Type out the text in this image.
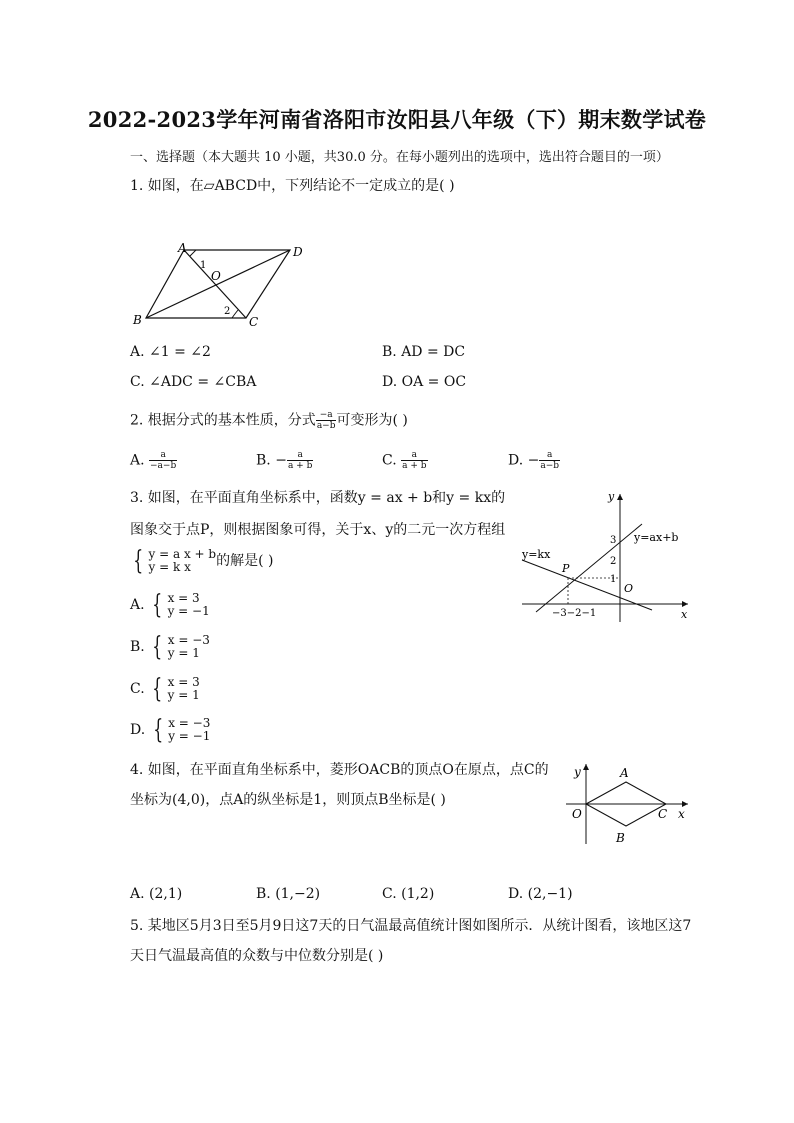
2022-2023学年河南省洛阳市汝阳县八年级（下）期末数学试卷
一、选择题（本大题共 10 小题，共30.0 分。在每小题列出的选项中，选出符合题目的一项）
1. 如图，在▱ABCD中，下列结论不一定成立的是( )
A	D
B	C
O
1
2
A. ∠1 = ∠2	B. AD = DC
C. ∠ADC = ∠CBA	D. OA = OC
2. 根据分式的基本性质，分式 $\frac{-a}{a-b}$ 可变形为( )
A. $\frac{a}{-a-b}$	B. − $\frac{a}{a + b}$	C. $\frac{a}{a + b}$	D. − $\frac{a}{a-b}$
3. 如图，在平面直角坐标系中，函数y = ax + b和y = kx的
图象交于点P，则根据图象可得，关于x、y的二元一次方程组
{ y = a x + b
y = k x	的解是( )
A. { x = 3
y = −1
B. { x = −3
y = 1
C. { x = 3
y = 1
D. { x = −3
y = −1
y
x
y=ax+b
y=kx
P
O
3
2
1
−3−2−1
4. 如图，在平面直角坐标系中，菱形OACB的顶点O在原点，点C的
坐标为(4,0)，点A的纵坐标是1，则顶点B坐标是( )
y
x
O
A
B
C
A. (2,1)	B. (1,−2)	C. (1,2)	D. (2,−1)
5. 某地区5月3日至5月9日这7天的日气温最高值统计图如图所示．从统计图看，该地区这7
天日气温最高值的众数与中位数分别是( )
